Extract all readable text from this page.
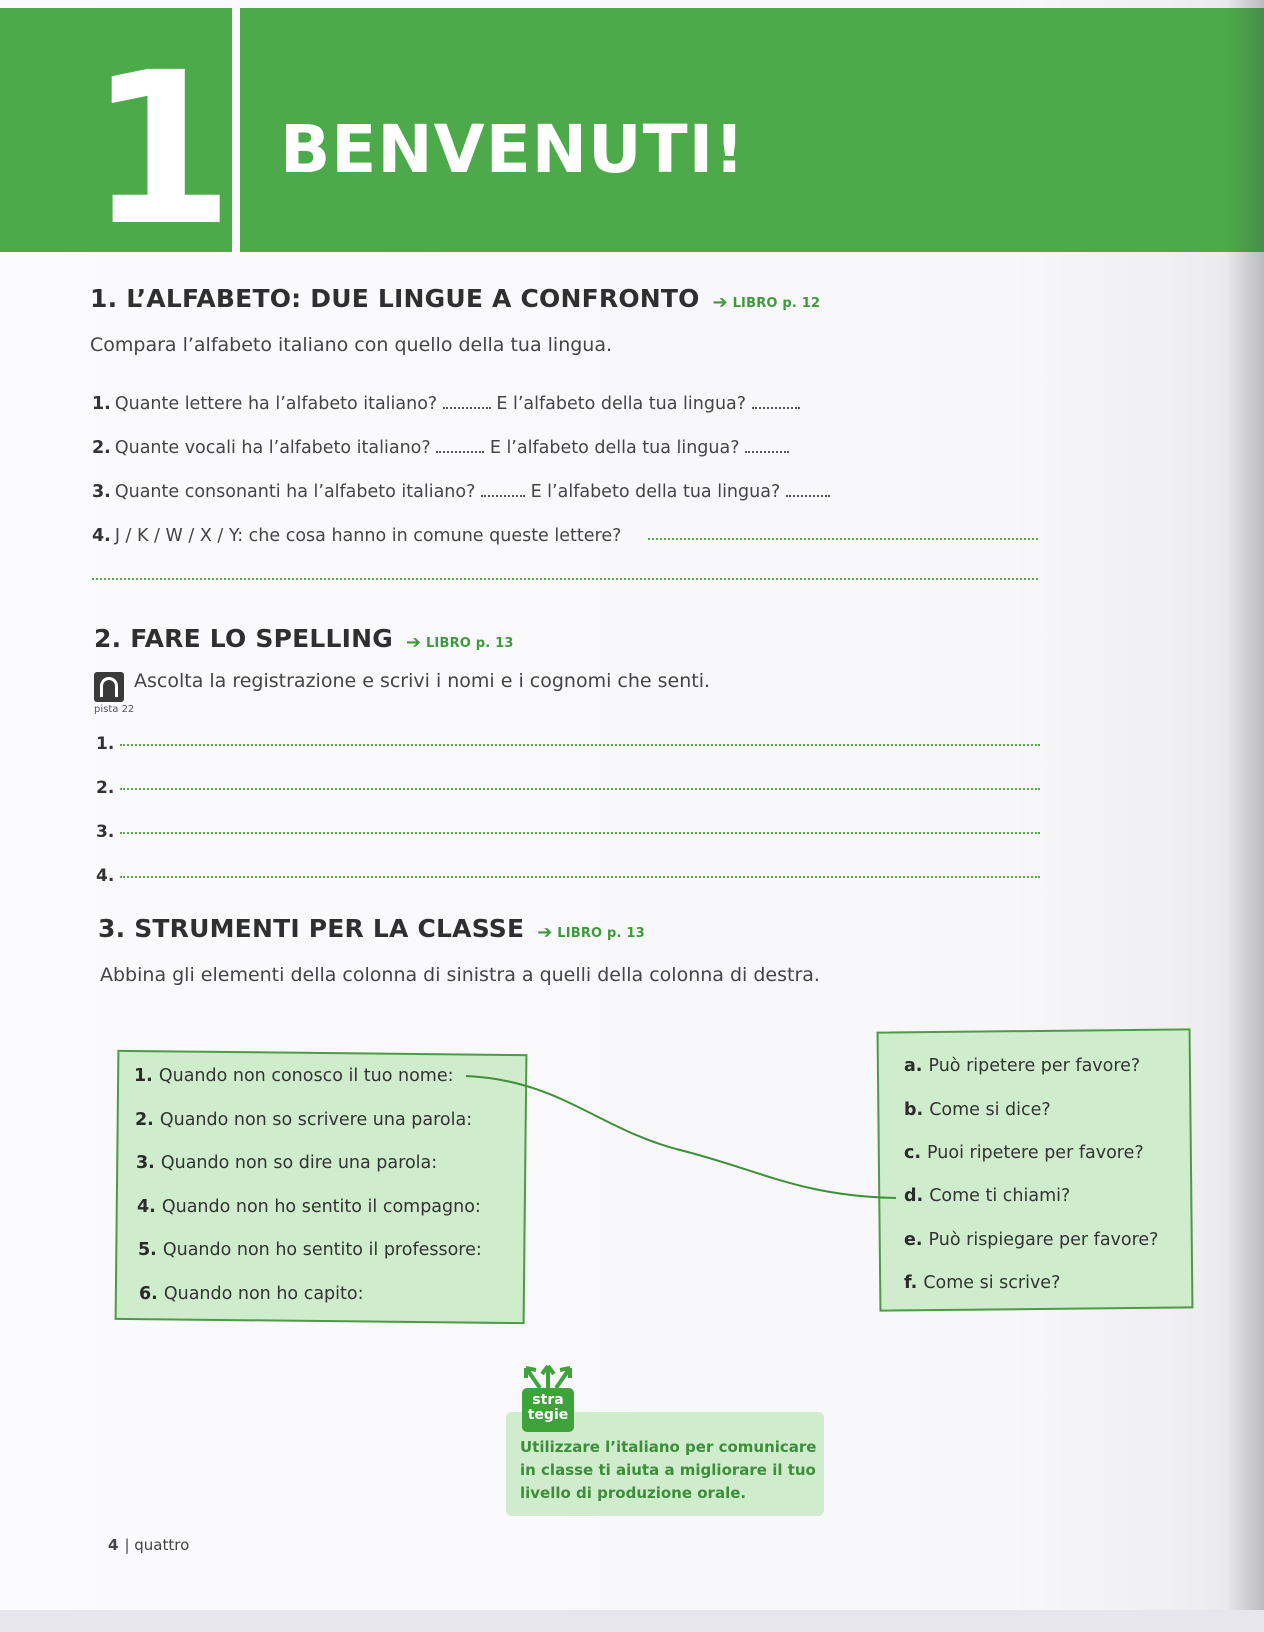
1 BENVENUTI!
1. L’ALFABETO: DUE LINGUE A CONFRONTO ➔ LIBRO p. 12
Compara l’alfabeto italiano con quello della tua lingua.
1. Quante lettere ha l’alfabeto italiano?	E l’alfabeto della tua lingua?
2. Quante vocali ha l’alfabeto italiano?	E l’alfabeto della tua lingua?
3. Quante consonanti ha l’alfabeto italiano?	E l’alfabeto della tua lingua?
4. J / K / W / X / Y: che cosa hanno in comune queste lettere?
2. FARE LO SPELLING ➔ LIBRO p. 13
pista 22
Ascolta la registrazione e scrivi i nomi e i cognomi che senti.
1.
2.
3.
4.
3. STRUMENTI PER LA CLASSE ➔ LIBRO p. 13
Abbina gli elementi della colonna di sinistra a quelli della colonna di destra.
1. Quando non conosco il tuo nome:
2. Quando non so scrivere una parola:
3. Quando non so dire una parola:
4. Quando non ho sentito il compagno:
5. Quando non ho sentito il professore:
6. Quando non ho capito:
a. Può ripetere per favore?
b. Come si dice?
c. Puoi ripetere per favore?
d. Come ti chiami?
e. Può rispiegare per favore?
f. Come si scrive?
stra
tegie
Utilizzare l’italiano per comunicare in classe ti aiuta a migliorare il tuo livello di produzione orale.
4 | quattro
